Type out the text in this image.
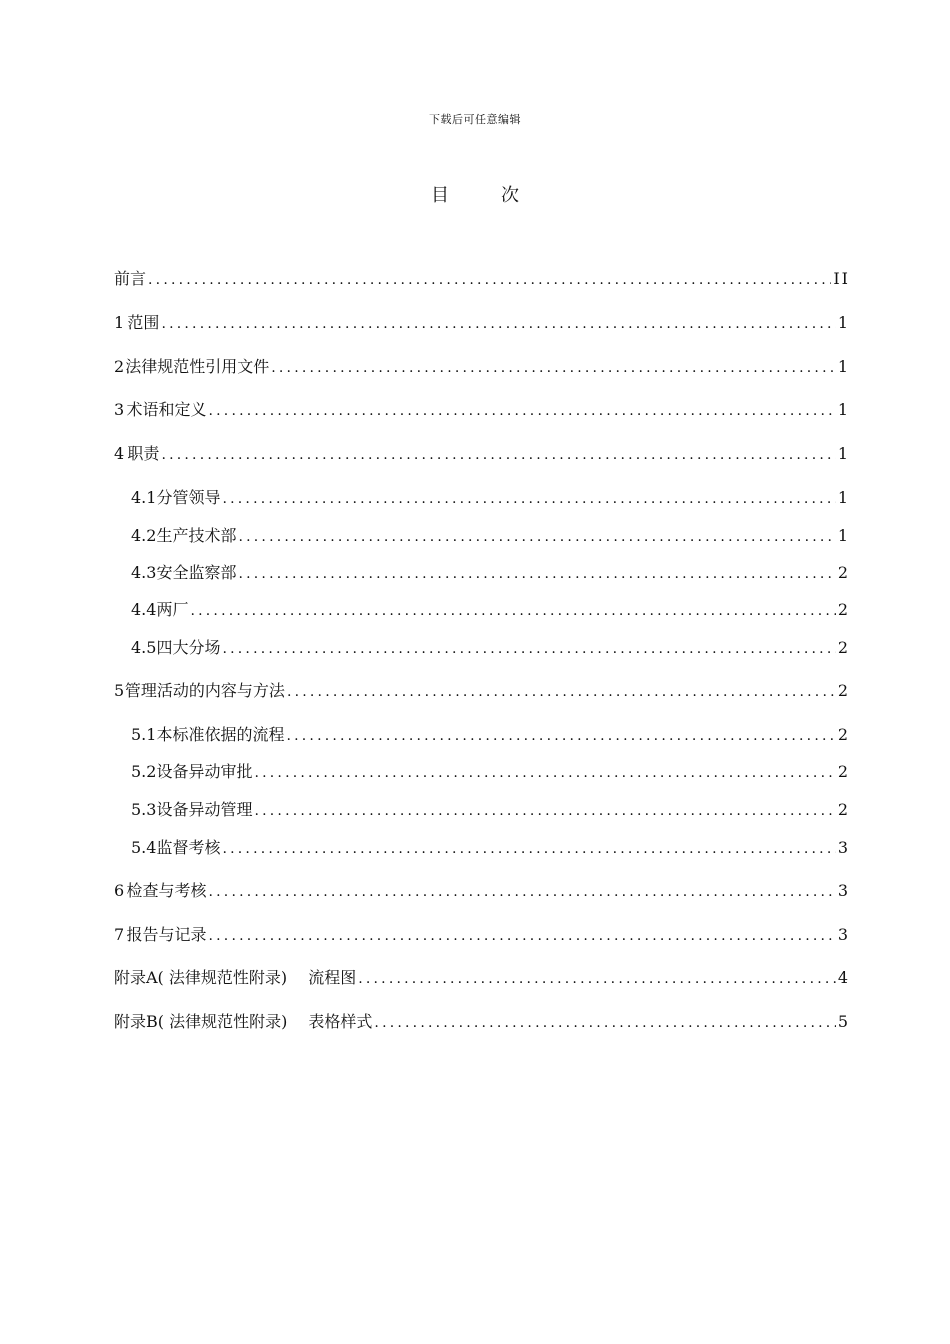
下载后可任意编辑
目	次
前言 .....	II
1 范围 .....	1
2 法律规范性引用文件 .....	1
3 术语和定义 .....	1
4 职责 .....	1
4.1 分管领导 .....	1
4.2 生产技术部 .....	1
4.3 安全监察部 .....	2
4.4 两厂 .....	2
4.5 四大分场 .....	2
5 管理活动的内容与方法 .....	2
5.1 本标准依据的流程 .....	2
5.2 设备异动审批 .....	2
5.3 设备异动管理 .....	2
5.4 监督考核 .....	3
6 检查与考核 .....	3
7 报告与记录 .....	3
附录A( 法律规范性附录)　 流程图 .....	4
附录B( 法律规范性附录)　 表格样式 .....	5
